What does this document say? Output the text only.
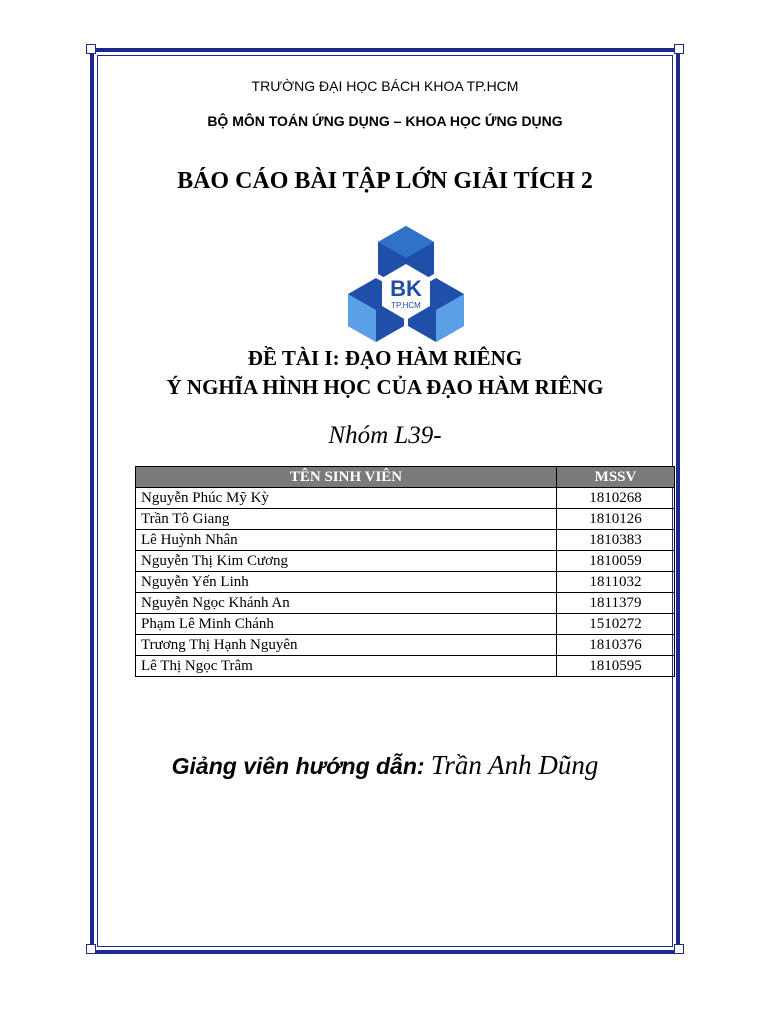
TRƯỜNG ĐẠI HỌC BÁCH KHOA TP.HCM
BỘ MÔN TOÁN ỨNG DỤNG – KHOA HỌC ỨNG DỤNG
BÁO CÁO BÀI TẬP LỚN GIẢI TÍCH 2
BK
TP.HCM
ĐỀ TÀI I: ĐẠO HÀM RIÊNG
Ý NGHĨA HÌNH HỌC CỦA ĐẠO HÀM RIÊNG
Nhóm L39-
TÊN SINH VIÊN	MSSV
Nguyễn Phúc Mỹ Kỳ	1810268
Trần Tô Giang	1810126
Lê Huỳnh Nhân	1810383
Nguyễn Thị Kim Cương	1810059
Nguyễn Yến Linh	1811032
Nguyễn Ngọc Khánh An	1811379
Phạm Lê Minh Chánh	1510272
Trương Thị Hạnh Nguyên	1810376
Lê Thị Ngọc Trâm	1810595
Giảng viên hướng dẫn: Trần Anh Dũng
